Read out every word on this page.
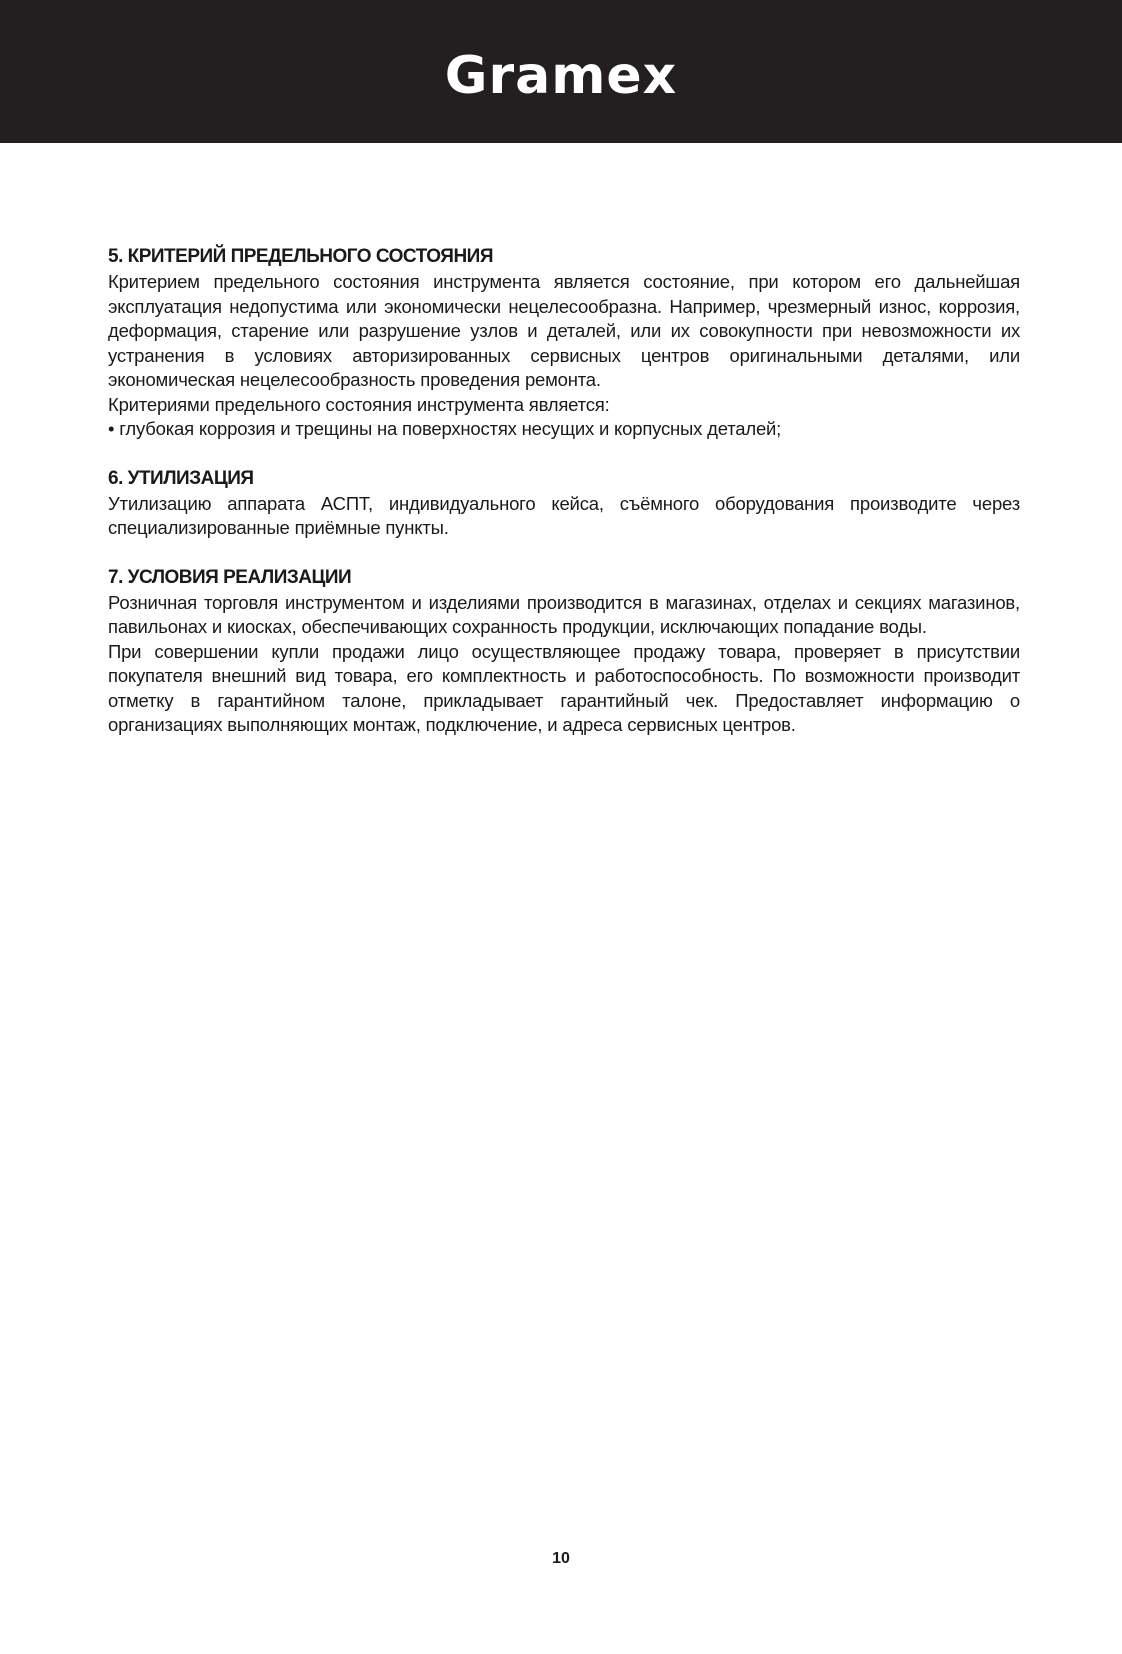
Gramex
5. КРИТЕРИЙ ПРЕДЕЛЬНОГО СОСТОЯНИЯ

Критерием предельного состояния инструмента является состояние, при котором его дальнейшая эксплуатация недопустима или экономически нецелесообразна. Например, чрезмерный износ, коррозия, деформация, старение или разрушение узлов и деталей, или их совокупности при невозможности их устранения в условиях авторизированных сервисных центров оригинальными деталями, или экономическая нецелесообразность проведения ремонта.

Критериями предельного состояния инструмента является:

• глубокая коррозия и трещины на поверхностях несущих и корпусных деталей;

6. УТИЛИЗАЦИЯ

Утилизацию аппарата АСПТ, индивидуального кейса, съёмного оборудования производите через специализированные приёмные пункты.

7. УСЛОВИЯ РЕАЛИЗАЦИИ

Розничная торговля инструментом и изделиями производится в магазинах, отделах и секциях магазинов, павильонах и киосках, обеспечивающих сохранность продукции, исключающих попадание воды.

При совершении купли продажи лицо осуществляющее продажу товара, проверяет в присутствии покупателя внешний вид товара, его комплектность и работоспособность. По возможности производит отметку в гарантийном талоне, прикладывает гарантийный чек. Предоставляет информацию о организациях выполняющих монтаж, подключение, и адреса сервисных центров.

10
